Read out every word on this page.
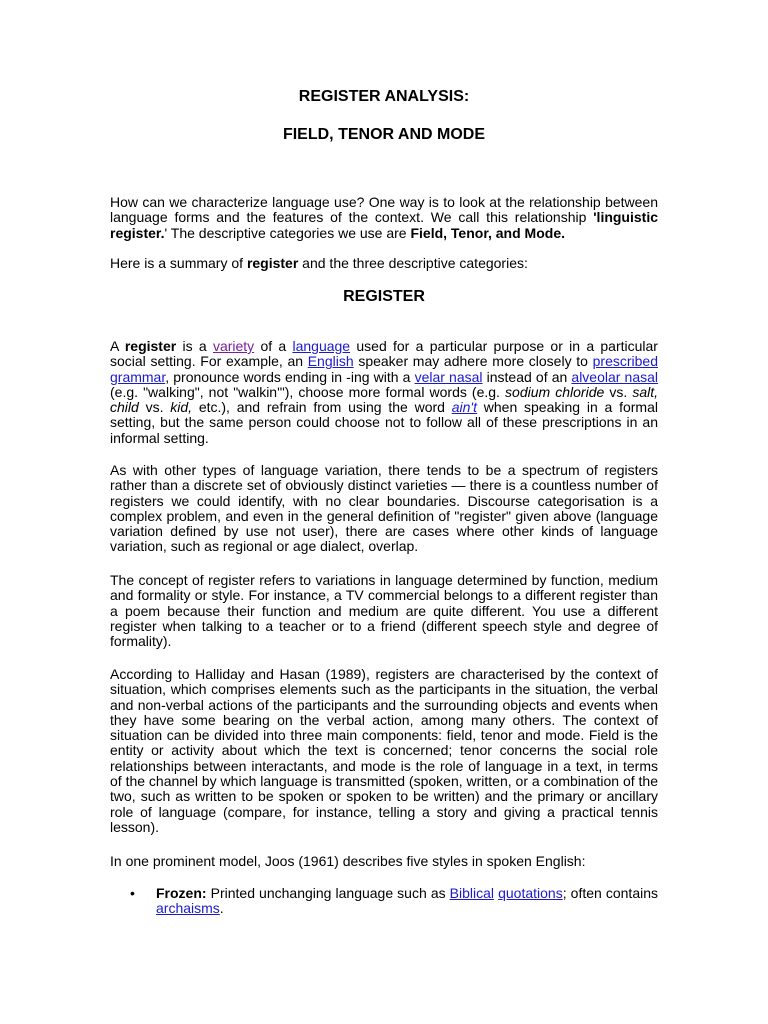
REGISTER ANALYSIS:
FIELD, TENOR AND MODE

How can we characterize language use? One way is to look at the relationship between language forms and the features of the context. We call this relationship 'linguistic register.' The descriptive categories we use are Field, Tenor, and Mode.

Here is a summary of register and the three descriptive categories:

REGISTER

A register is a variety of a language used for a particular purpose or in a particular social setting. For example, an English speaker may adhere more closely to prescribed grammar, pronounce words ending in -ing with a velar nasal instead of an alveolar nasal (e.g. "walking", not "walkin'"), choose more formal words (e.g. sodium chloride vs. salt, child vs. kid, etc.), and refrain from using the word ain't when speaking in a formal setting, but the same person could choose not to follow all of these prescriptions in an informal setting.

As with other types of language variation, there tends to be a spectrum of registers rather than a discrete set of obviously distinct varieties — there is a countless number of registers we could identify, with no clear boundaries. Discourse categorisation is a complex problem, and even in the general definition of "register" given above (language variation defined by use not user), there are cases where other kinds of language variation, such as regional or age dialect, overlap.

The concept of register refers to variations in language determined by function, medium and formality or style. For instance, a TV commercial belongs to a different register than a poem because their function and medium are quite different. You use a different register when talking to a teacher or to a friend (different speech style and degree of formality).

According to Halliday and Hasan (1989), registers are characterised by the context of situation, which comprises elements such as the participants in the situation, the verbal and non-verbal actions of the participants and the surrounding objects and events when they have some bearing on the verbal action, among many others. The context of situation can be divided into three main components: field, tenor and mode. Field is the entity or activity about which the text is concerned; tenor concerns the social role relationships between interactants, and mode is the role of language in a text, in terms of the channel by which language is transmitted (spoken, written, or a combination of the two, such as written to be spoken or spoken to be written) and the primary or ancillary role of language (compare, for instance, telling a story and giving a practical tennis lesson).

In one prominent model, Joos (1961) describes five styles in spoken English:

• Frozen: Printed unchanging language such as Biblical quotations; often contains archaisms.
